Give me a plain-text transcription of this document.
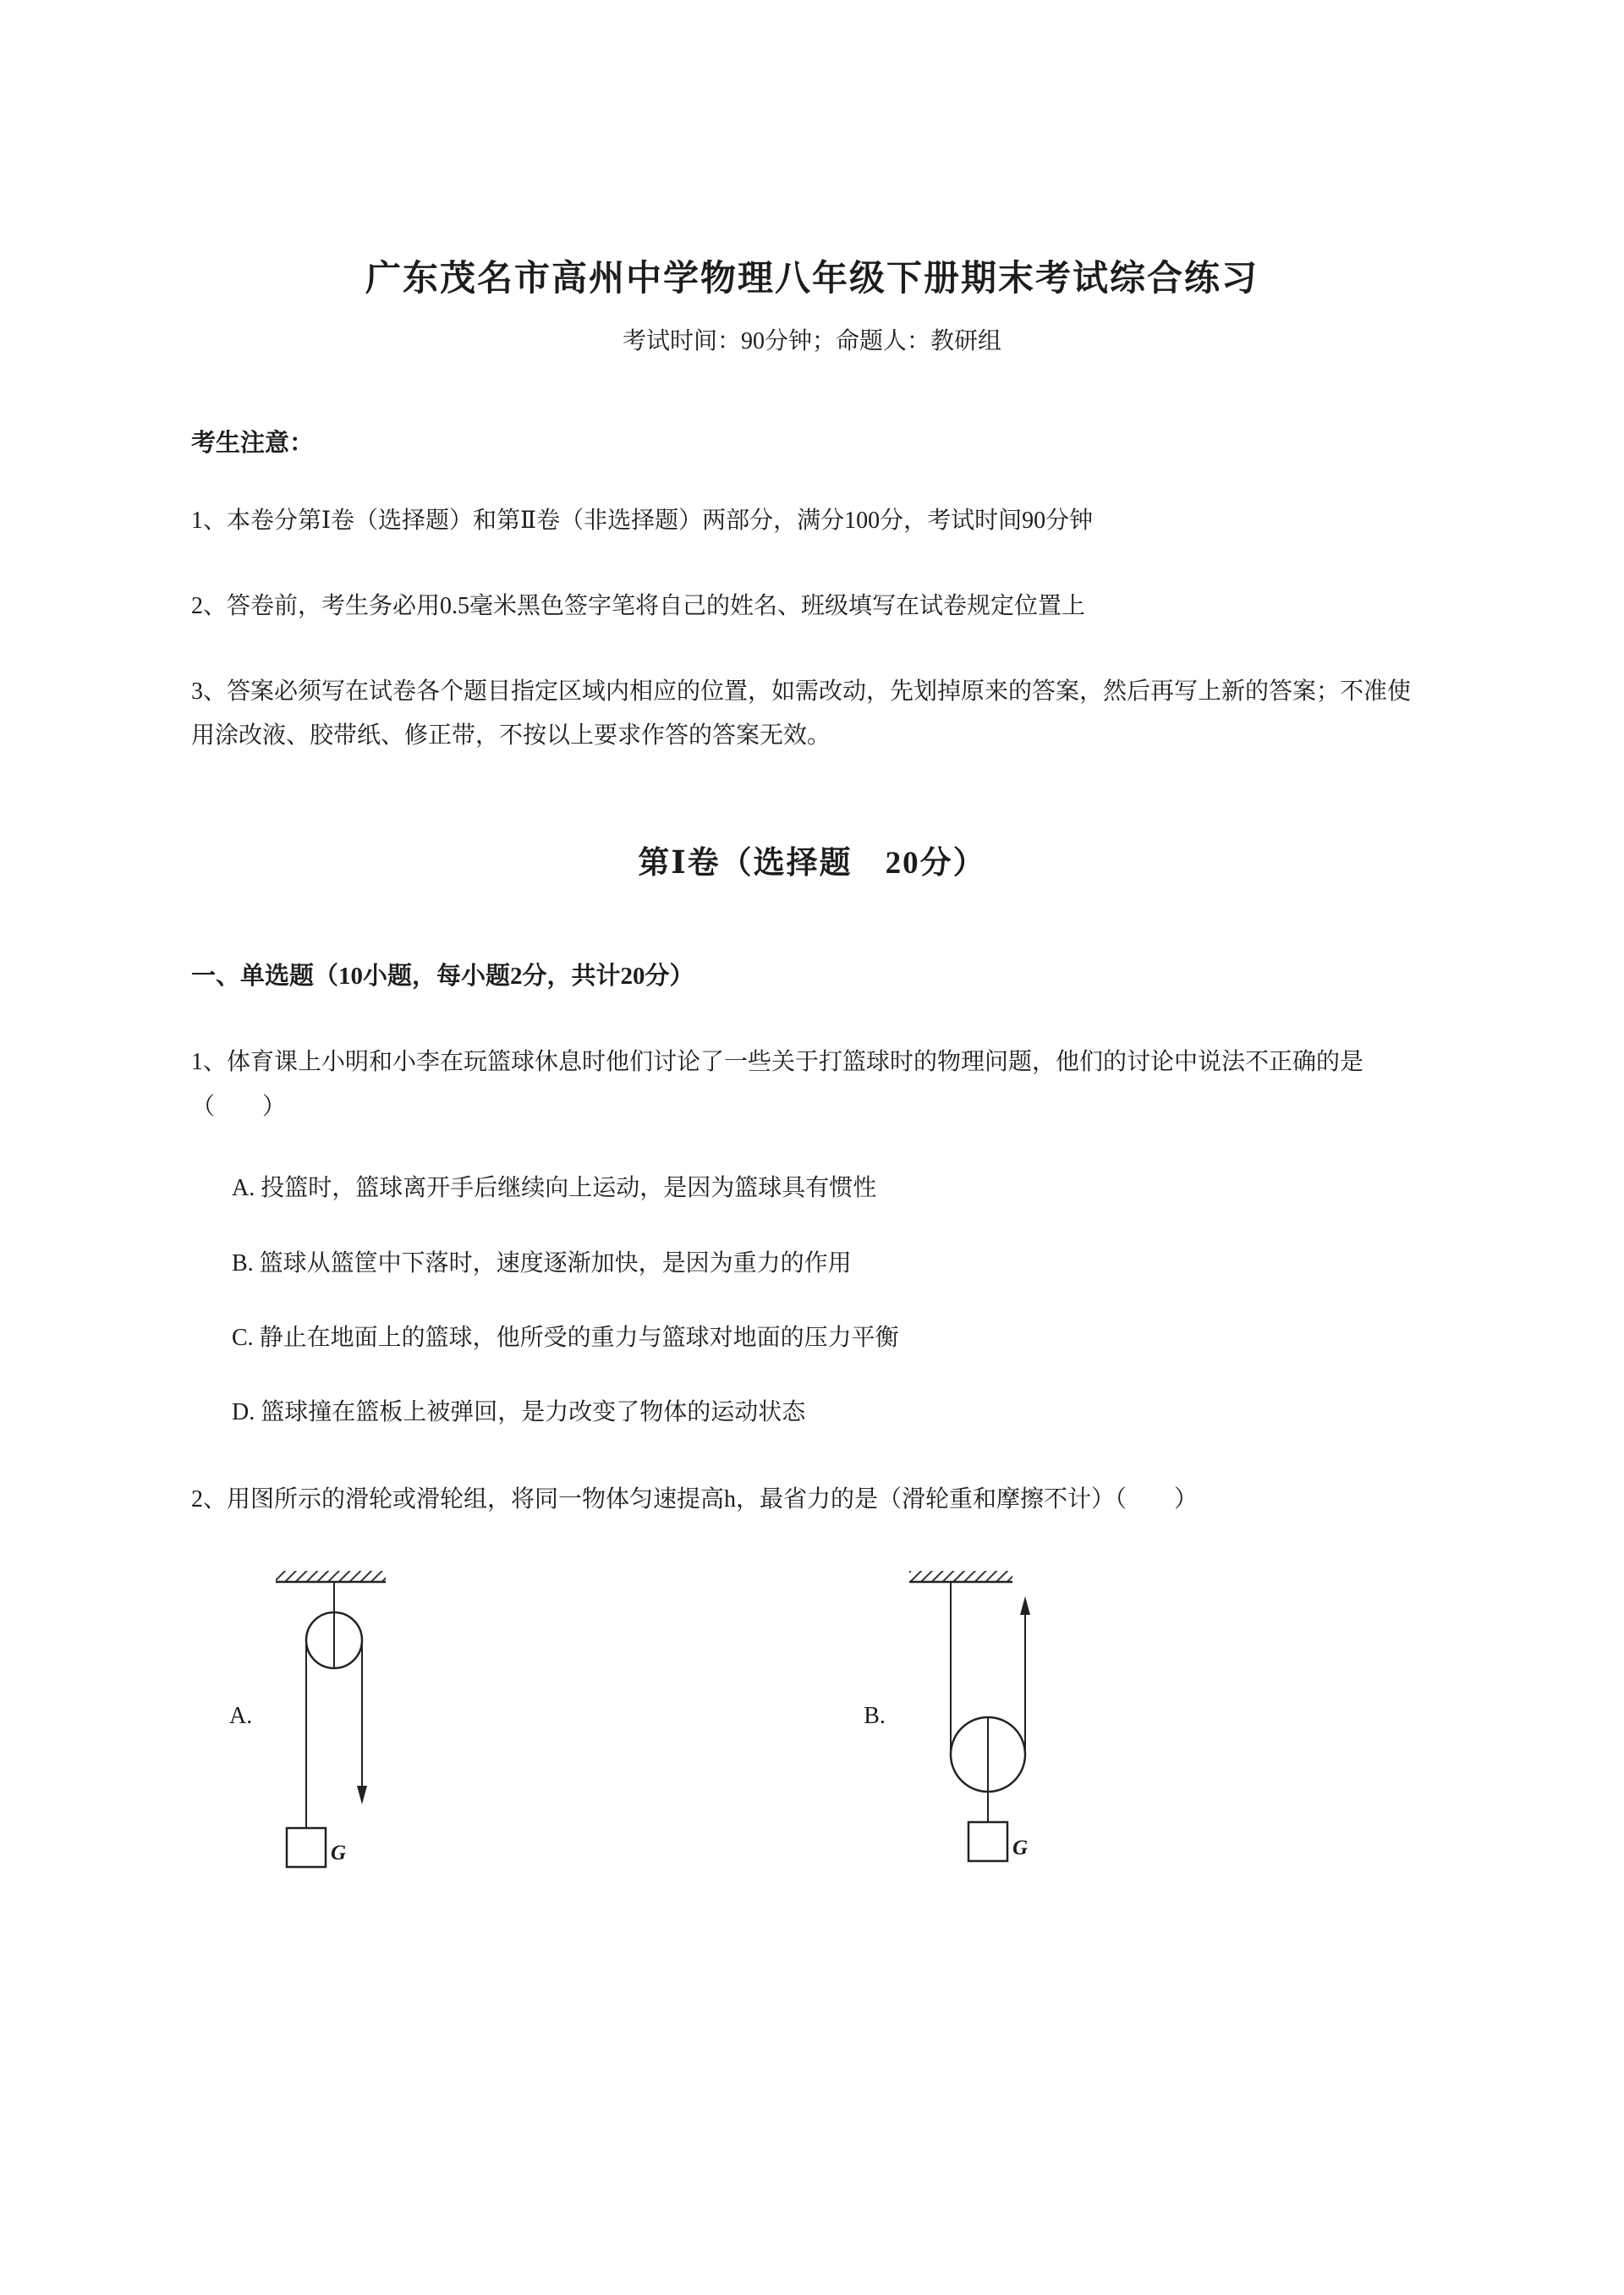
广东茂名市高州中学物理八年级下册期末考试综合练习
考试时间：90分钟；命题人：教研组
考生注意：

1、本卷分第Ⅰ卷（选择题）和第Ⅱ卷（非选择题）两部分，满分100分，考试时间90分钟

2、答卷前，考生务必用0.5毫米黑色签字笔将自己的姓名、班级填写在试卷规定位置上

3、答案必须写在试卷各个题目指定区域内相应的位置，如需改动，先划掉原来的答案，然后再写上新的答案；不准使用涂改液、胶带纸、修正带，不按以上要求作答的答案无效。

第Ⅰ卷（选择题　20分）
一、单选题（10小题，每小题2分，共计20分）

1、体育课上小明和小李在玩篮球休息时他们讨论了一些关于打篮球时的物理问题，他们的讨论中说法不正确的是（　　）

A. 投篮时，篮球离开手后继续向上运动，是因为篮球具有惯性

B. 篮球从篮筐中下落时，速度逐渐加快，是因为重力的作用

C. 静止在地面上的篮球，他所受的重力与篮球对地面的压力平衡

D. 篮球撞在篮板上被弹回，是力改变了物体的运动状态

2、用图所示的滑轮或滑轮组，将同一物体匀速提高h，最省力的是（滑轮重和摩擦不计）（　　）

A.
G
B.
G
